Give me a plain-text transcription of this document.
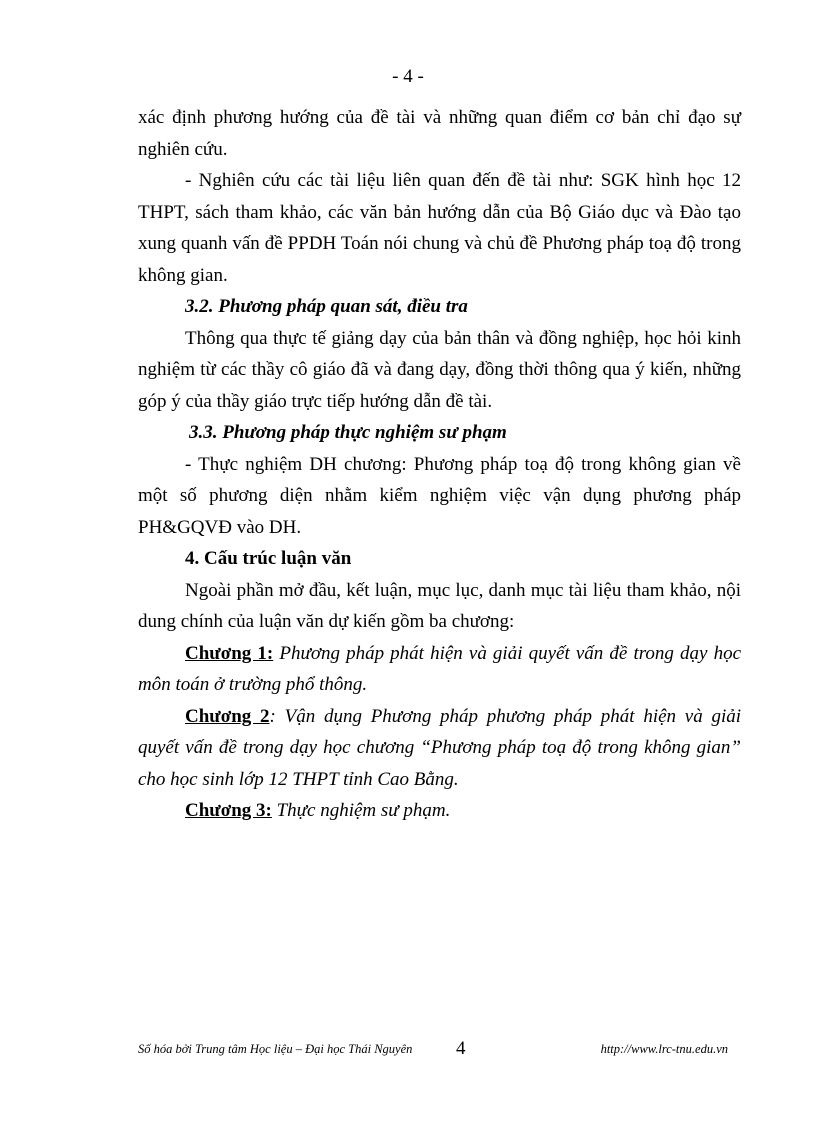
- 4 -

xác định phương hướng của đề tài và những quan điểm cơ bản chỉ đạo sự nghiên cứu.

- Nghiên cứu các tài liệu liên quan đến đề tài như: SGK hình học 12 THPT, sách tham khảo, các văn bản hướng dẫn của Bộ Giáo dục và Đào tạo xung quanh vấn đề PPDH Toán nói chung và chủ đề Phương pháp toạ độ trong không gian.

3.2. Phương pháp quan sát, điều tra

Thông qua thực tế giảng dạy của bản thân và đồng nghiệp, học hỏi kinh nghiệm từ các thầy cô giáo đã và đang dạy, đồng thời thông qua ý kiến, những góp ý của thầy giáo trực tiếp hướng dẫn đề tài.

3.3. Phương pháp thực nghiệm sư phạm

- Thực nghiệm DH chương: Phương pháp toạ độ trong không gian về một số phương diện nhằm kiểm nghiệm việc vận dụng phương pháp PH&GQVĐ vào DH.

4. Cấu trúc luận văn

Ngoài phần mở đầu, kết luận, mục lục, danh mục tài liệu tham khảo, nội dung chính của luận văn dự kiến gồm ba chương:

Chương 1: Phương pháp phát hiện và giải quyết vấn đề trong dạy học môn toán ở trường phổ thông.

Chương 2: Vận dụng Phương pháp phương pháp phát hiện và giải quyết vấn đề trong dạy học chương “Phương pháp toạ độ trong không gian” cho học sinh lớp 12 THPT tỉnh Cao Bằng.

Chương 3: Thực nghiệm sư phạm.

Số hóa bởi Trung tâm Học liệu – Đại học Thái Nguyên 4	http://www.lrc-tnu.edu.vn
